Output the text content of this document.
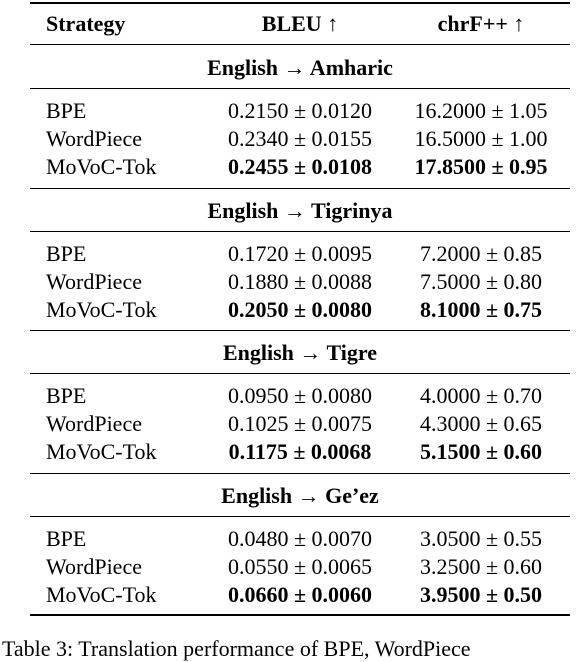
Strategy	BLEU ↑	chrF++ ↑
English → Amharic
BPE	0.2150 ± 0.0120	16.2000 ± 1.05
WordPiece	0.2340 ± 0.0155	16.5000 ± 1.00
MoVoC-Tok	0.2455 ± 0.0108	17.8500 ± 0.95
English → Tigrinya
BPE	0.1720 ± 0.0095	7.2000 ± 0.85
WordPiece	0.1880 ± 0.0088	7.5000 ± 0.80
MoVoC-Tok	0.2050 ± 0.0080	8.1000 ± 0.75
English → Tigre
BPE	0.0950 ± 0.0080	4.0000 ± 0.70
WordPiece	0.1025 ± 0.0075	4.3000 ± 0.65
MoVoC-Tok	0.1175 ± 0.0068	5.1500 ± 0.60
English → Ge’ez
BPE	0.0480 ± 0.0070	3.0500 ± 0.55
WordPiece	0.0550 ± 0.0065	3.2500 ± 0.60
MoVoC-Tok	0.0660 ± 0.0060	3.9500 ± 0.50
Table 3: Translation performance of BPE, WordPiece
